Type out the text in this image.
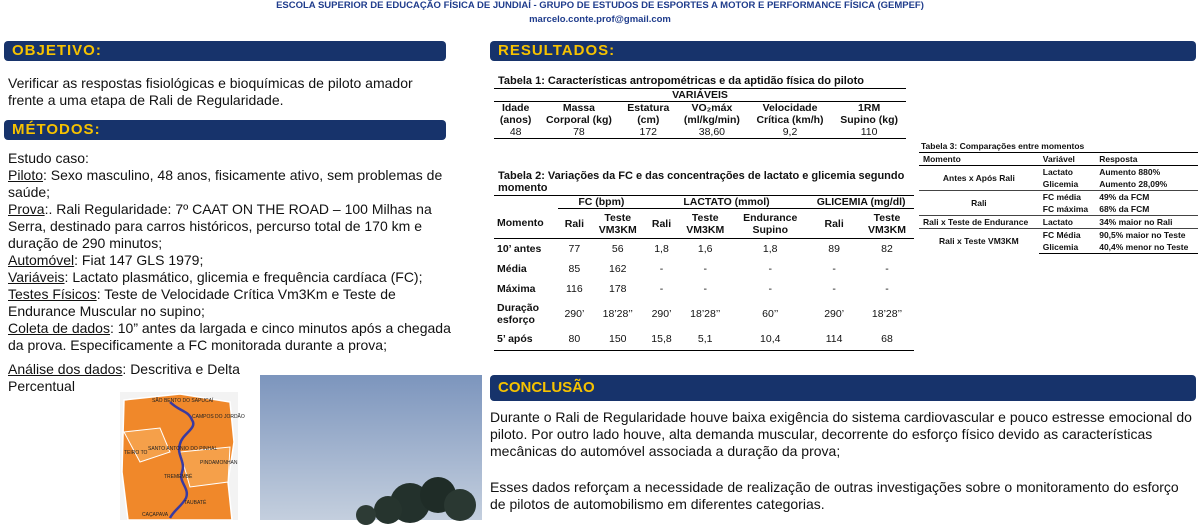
ESCOLA SUPERIOR DE EDUCAÇÃO FÍSICA DE JUNDIAÍ - GRUPO DE ESTUDOS DE ESPORTES A MOTOR E PERFORMANCE FÍSICA (GEMPEF)
marcelo.conte.prof@gmail.com
OBJETIVO:
Verificar as respostas fisiológicas e bioquímicas de piloto amador frente a uma etapa de Rali de Regularidade.
MÉTODOS:
Estudo caso:
Piloto: Sexo masculino, 48 anos, fisicamente ativo, sem problemas de saúde;
Prova:. Rali Regularidade: 7º CAAT ON THE ROAD – 100 Milhas na Serra, destinado para carros históricos, percurso total de 170 km e duração de 290 minutos;
Automóvel: Fiat 147 GLS 1979;
Variáveis: Lactato plasmático, glicemia e frequência cardíaca (FC);
Testes Físicos: Teste de Velocidade Crítica Vm3Km e Teste de Endurance Muscular no supino;
Coleta de dados: 10” antes da largada e cinco minutos após a chegada da prova. Especificamente a FC monitorada durante a prova;
Análise dos dados: Descritiva e Delta Percentual
SÃO BENTO DO SAPUCAÍ
CAMPOS DO JORDÃO
SANTO ANTONIO DO PINHAL
PINDAMONHAN
TREMEMBÉ
TAUBATÉ
CAÇAPAVA
TEIRO TO
RESULTADOS:
Tabela 1: Características antropométricas e da aptidão física do piloto
VARIÁVEIS					
Idade	Massa	Estatura	VO₂máx	Velocidade	1RM
(anos)	Corporal (kg)	(cm)	(ml/kg/min)	Crítica (km/h)	Supino (kg)
48	78	172	38,60	9,2	110
Tabela 2: Variações da FC e das concentrações de lactato e glicemia segundo momento
	FC (bpm)		LACTATO (mmol)			GLICEMIA (mg/dl)	
Momento	Rali	Teste VM3KM	Rali	Teste VM3KM	Endurance Supino	Rali	Teste VM3KM
10’ antes	77	56	1,8	1,6	1,8	89	82
Média	85	162	-	-	-	-	-
Máxima	116	178	-	-	-	-	-
Duração esforço	290’	18’28’’	290’	18’28’’	60’’	290’	18’28’’
5’ após	80	150	15,8	5,1	10,4	114	68
Tabela 3: Comparações entre momentos
Momento	Variável	Resposta
Antes x Após Rali	Lactato	Aumento 880%
	Glicemia	Aumento 28,09%
Rali	FC média	49% da FCM
	FC máxima	68% da FCM
Rali x Teste de Endurance	Lactato	34% maior no Rali
Rali x Teste VM3KM	FC Média	90,5% maior no Teste
	Glicemia	40,4% menor no Teste
CONCLUSÃO
Durante o Rali de Regularidade houve baixa exigência do sistema cardiovascular e pouco estresse emocional do piloto. Por outro lado houve, alta demanda muscular, decorrente do esforço físico devido as características mecânicas do automóvel associada a duração da prova;
Esses dados reforçam a necessidade de realização de outras investigações sobre o monitoramento do esforço de pilotos de automobilismo em diferentes categorias.
